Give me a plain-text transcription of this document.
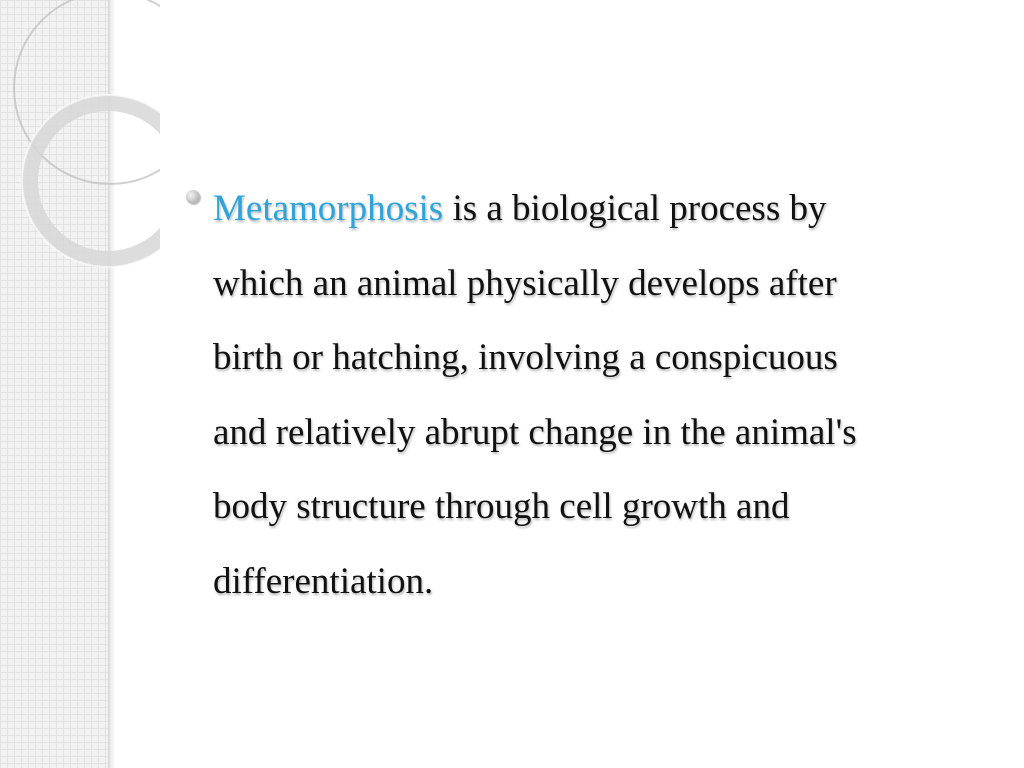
Metamorphosis is a biological process by
which an animal physically develops after
birth or hatching, involving a conspicuous
and relatively abrupt change in the animal's
body structure through cell growth and
differentiation.
